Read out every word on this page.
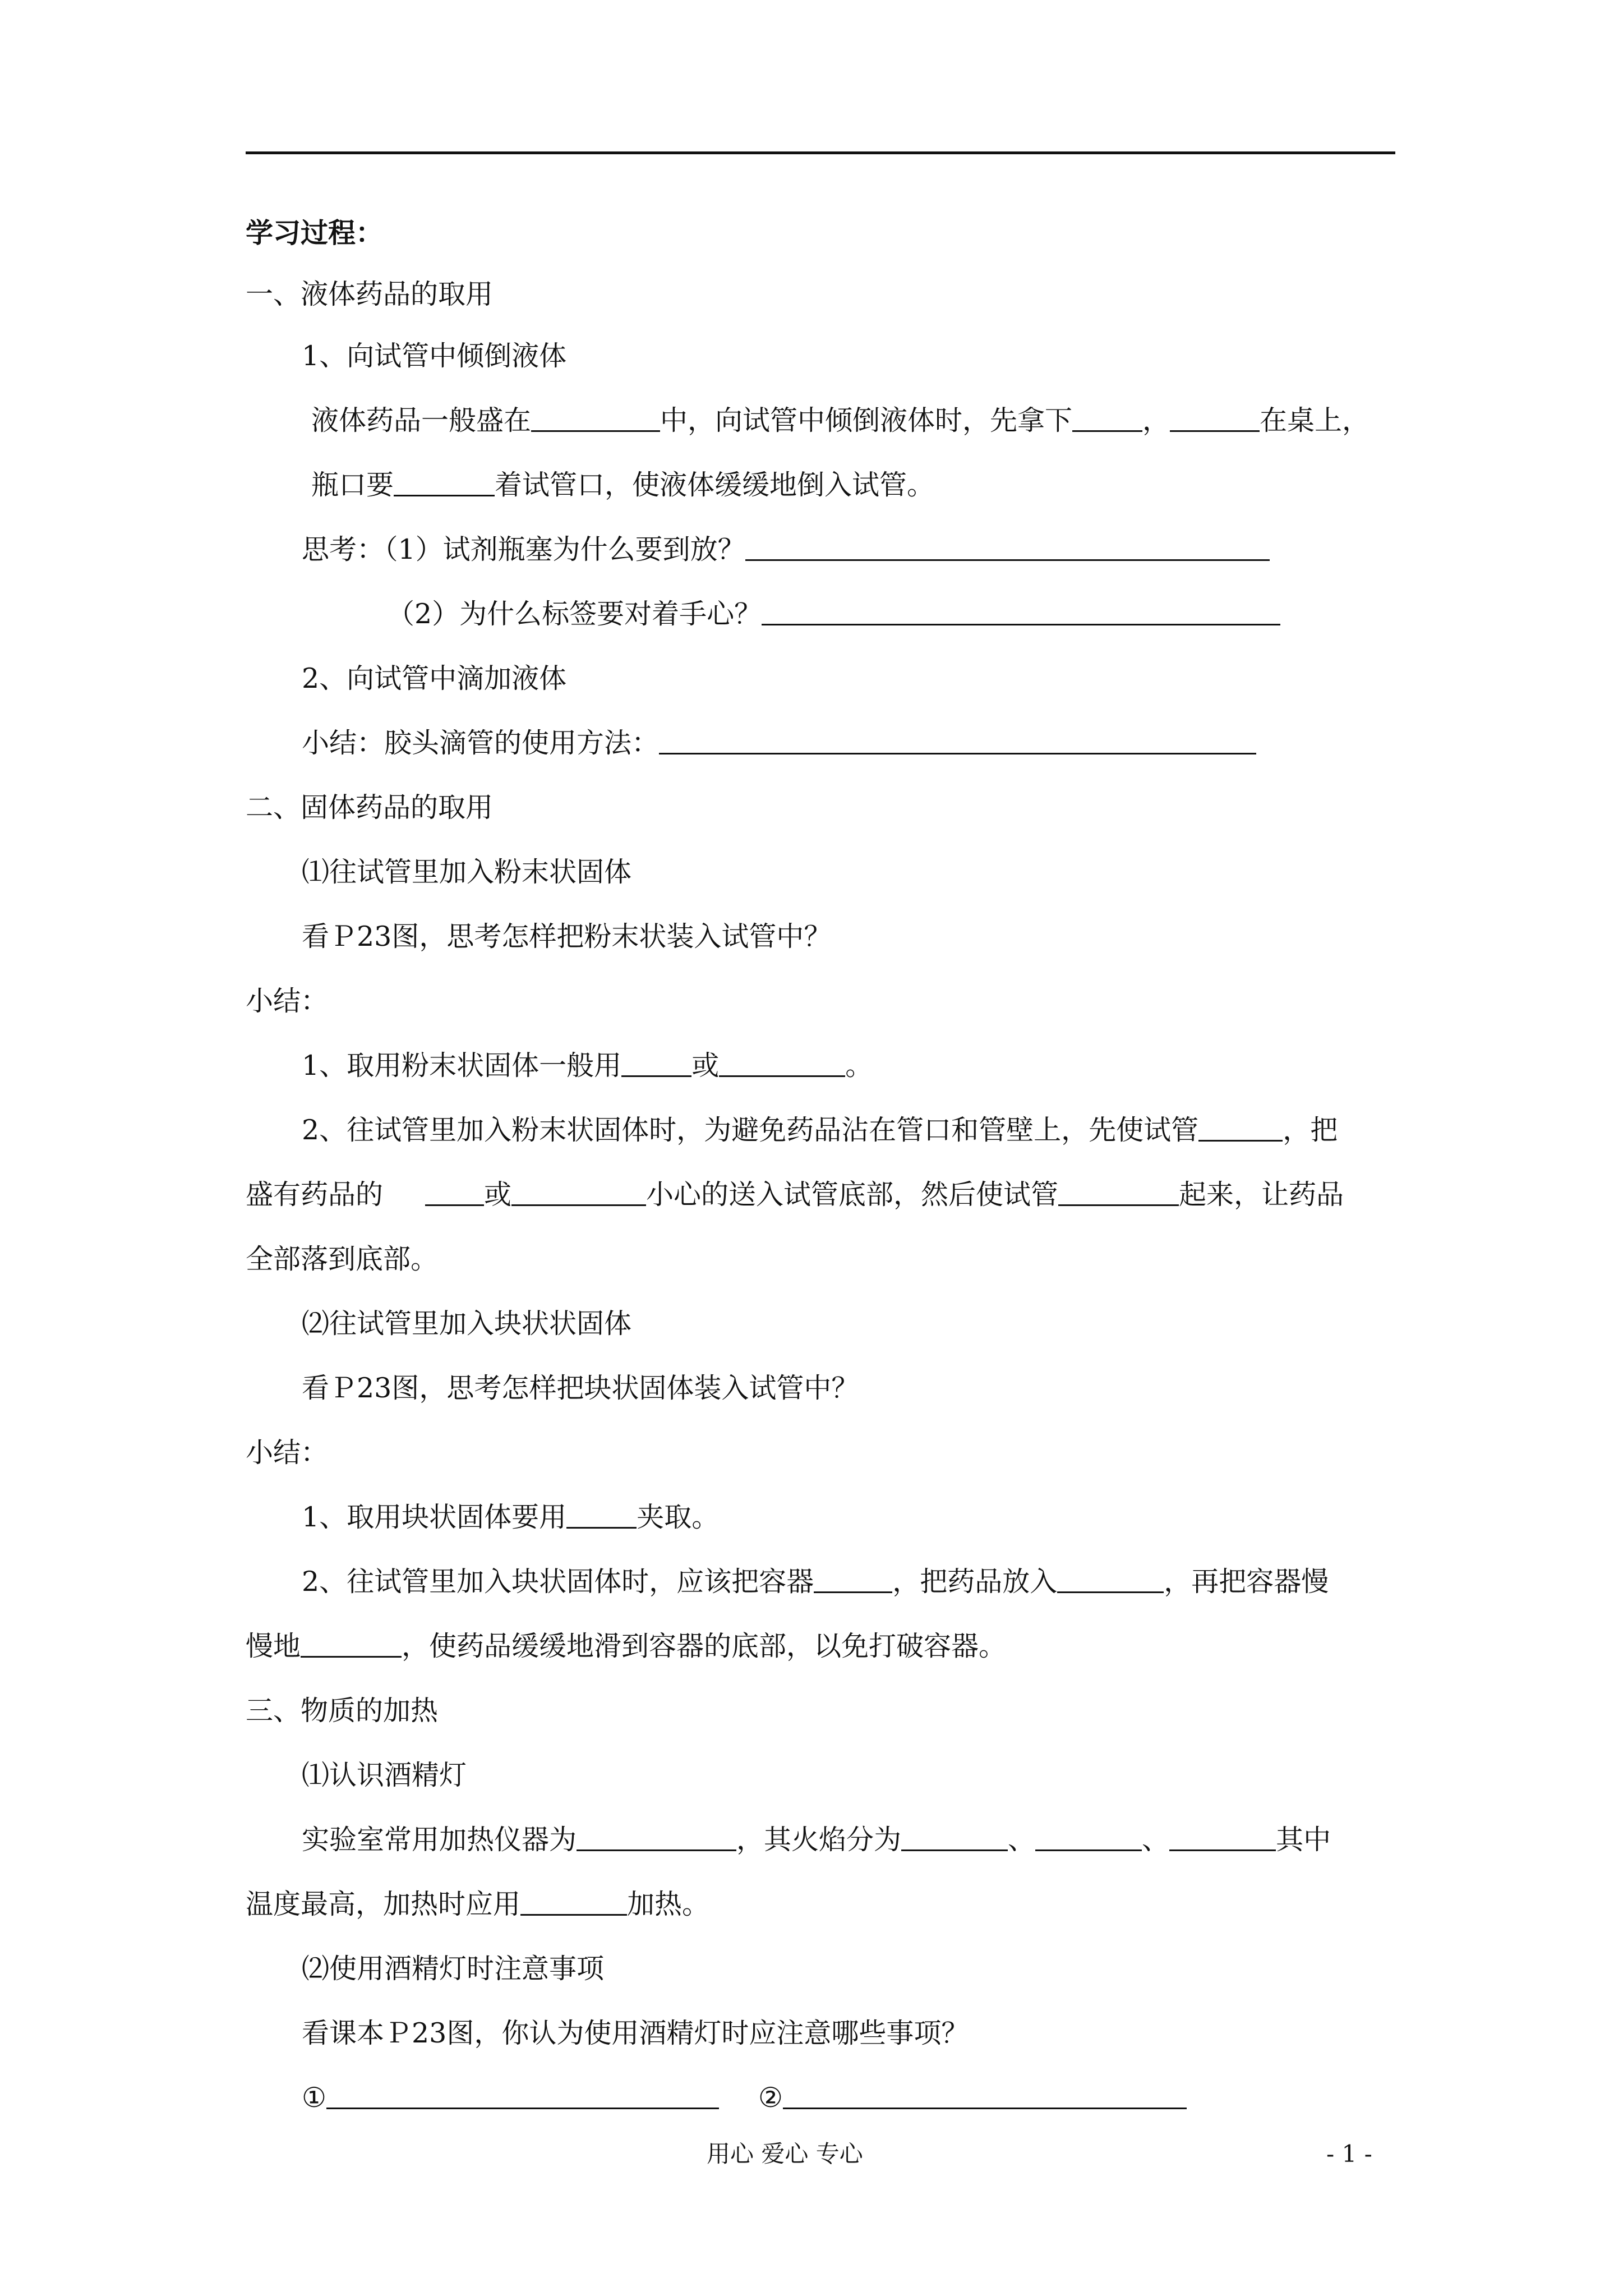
学习过程：
一、液体药品的取用
1、向试管中倾倒液体
液体药品一般盛在	中，向试管中倾倒液体时，先拿下	，	在桌上，
瓶口要	着试管口，使液体缓缓地倒入试管。
思考：（1）试剂瓶塞为什么要到放？
（2）为什么标签要对着手心？
2、向试管中滴加液体
小结：胶头滴管的使用方法：
二、固体药品的取用
⑴往试管里加入粉末状固体
看Ｐ23图，思考怎样把粉末状装入试管中？
小结：
1、取用粉末状固体一般用	或	。
2、往试管里加入粉末状固体时，为避免药品沾在管口和管壁上，先使试管	，把
盛有药品的	或	小心的送入试管底部，然后使试管	起来，让药品
全部落到底部。
⑵往试管里加入块状状固体
看Ｐ23图，思考怎样把块状固体装入试管中？
小结：
1、取用块状固体要用	夹取。
2、往试管里加入块状固体时，应该把容器	，把药品放入	，再把容器慢
慢地	，使药品缓缓地滑到容器的底部，以免打破容器。
三、物质的加热
⑴认识酒精灯
实验室常用加热仪器为	，其火焰分为	、	、	其中
温度最高，加热时应用	加热。
⑵使用酒精灯时注意事项
看课本Ｐ23图，你认为使用酒精灯时应注意哪些事项？
①	②
用心 爱心 专心	- 1 -
